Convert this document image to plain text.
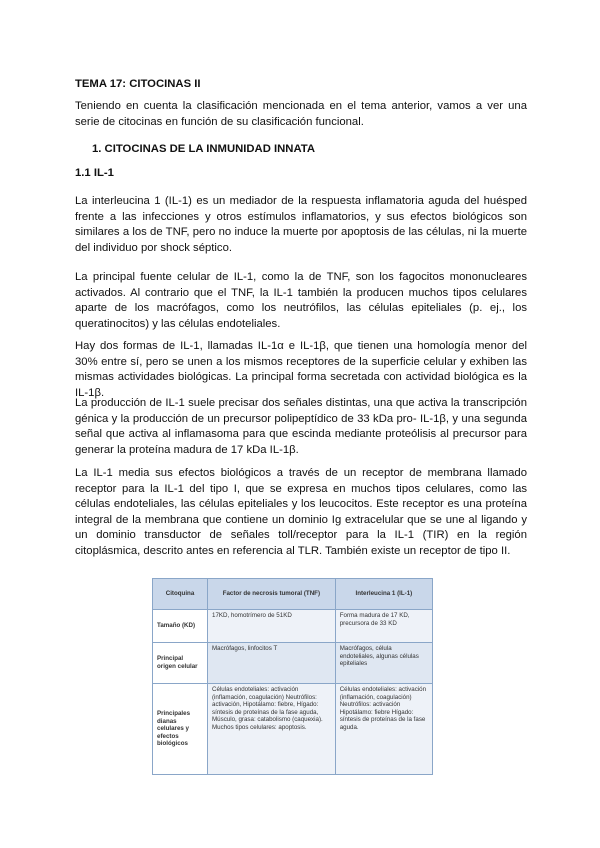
TEMA 17: CITOCINAS II

Teniendo en cuenta la clasificación mencionada en el tema anterior, vamos a ver una serie de citocinas en función de su clasificación funcional.

1. CITOCINAS DE LA INMUNIDAD INNATA

1.1 IL-1

La interleucina 1 (IL-1) es un mediador de la respuesta inflamatoria aguda del huésped frente a las infecciones y otros estímulos inflamatorios, y sus efectos biológicos son similares a los de TNF, pero no induce la muerte por apoptosis de las células, ni la muerte del individuo por shock séptico.

La principal fuente celular de IL-1, como la de TNF, son los fagocitos mononucleares activados. Al contrario que el TNF, la IL-1 también la producen muchos tipos celulares aparte de los macrófagos, como los neutrófilos, las células epiteliales (p. ej., los queratinocitos) y las células endoteliales.

Hay dos formas de IL-1, llamadas IL-1α e IL-1β, que tienen una homología menor del 30% entre sí, pero se unen a los mismos receptores de la superficie celular y exhiben las mismas actividades biológicas. La principal forma secretada con actividad biológica es la IL-1β.

La producción de IL-1 suele precisar dos señales distintas, una que activa la transcripción génica y la producción de un precursor polipeptídico de 33 kDa pro- IL-1β, y una segunda señal que activa al inflamasoma para que escinda mediante proteólisis al precursor para generar la proteína madura de 17 kDa IL-1β.

La IL-1 media sus efectos biológicos a través de un receptor de membrana llamado receptor para la IL-1 del tipo I, que se expresa en muchos tipos celulares, como las células endoteliales, las células epiteliales y los leucocitos. Este receptor es una proteína integral de la membrana que contiene un dominio Ig extracelular que se une al ligando y un dominio transductor de señales toll/receptor para la IL-1 (TIR) en la región citoplásmica, descrito antes en referencia al TLR. También existe un receptor de tipo II.

Citoquina	Factor de necrosis tumoral (TNF)	Interleucina 1 (IL-1)
Tamaño (KD)	17KD, homotrímero de 51KD	Forma madura de 17 KD, precursora de 33 KD
Principal origen celular	Macrófagos, linfocitos T	Macrófagos, célula endoteliales, algunas células epiteliales
Principales dianas celulares y efectos biológicos	Células endoteliales: activación (inflamación, coagulación) Neutrófilos: activación, Hipotálamo: fiebre, Hígado: síntesis de proteínas de la fase aguda, Músculo, grasa: catabolismo (caquexia). Muchos tipos celulares: apoptosis.	Células endoteliales: activación (inflamación, coagulación) Neutrófilos: activación Hipotálamo: fiebre Hígado: síntesis de proteínas de la fase aguda.
